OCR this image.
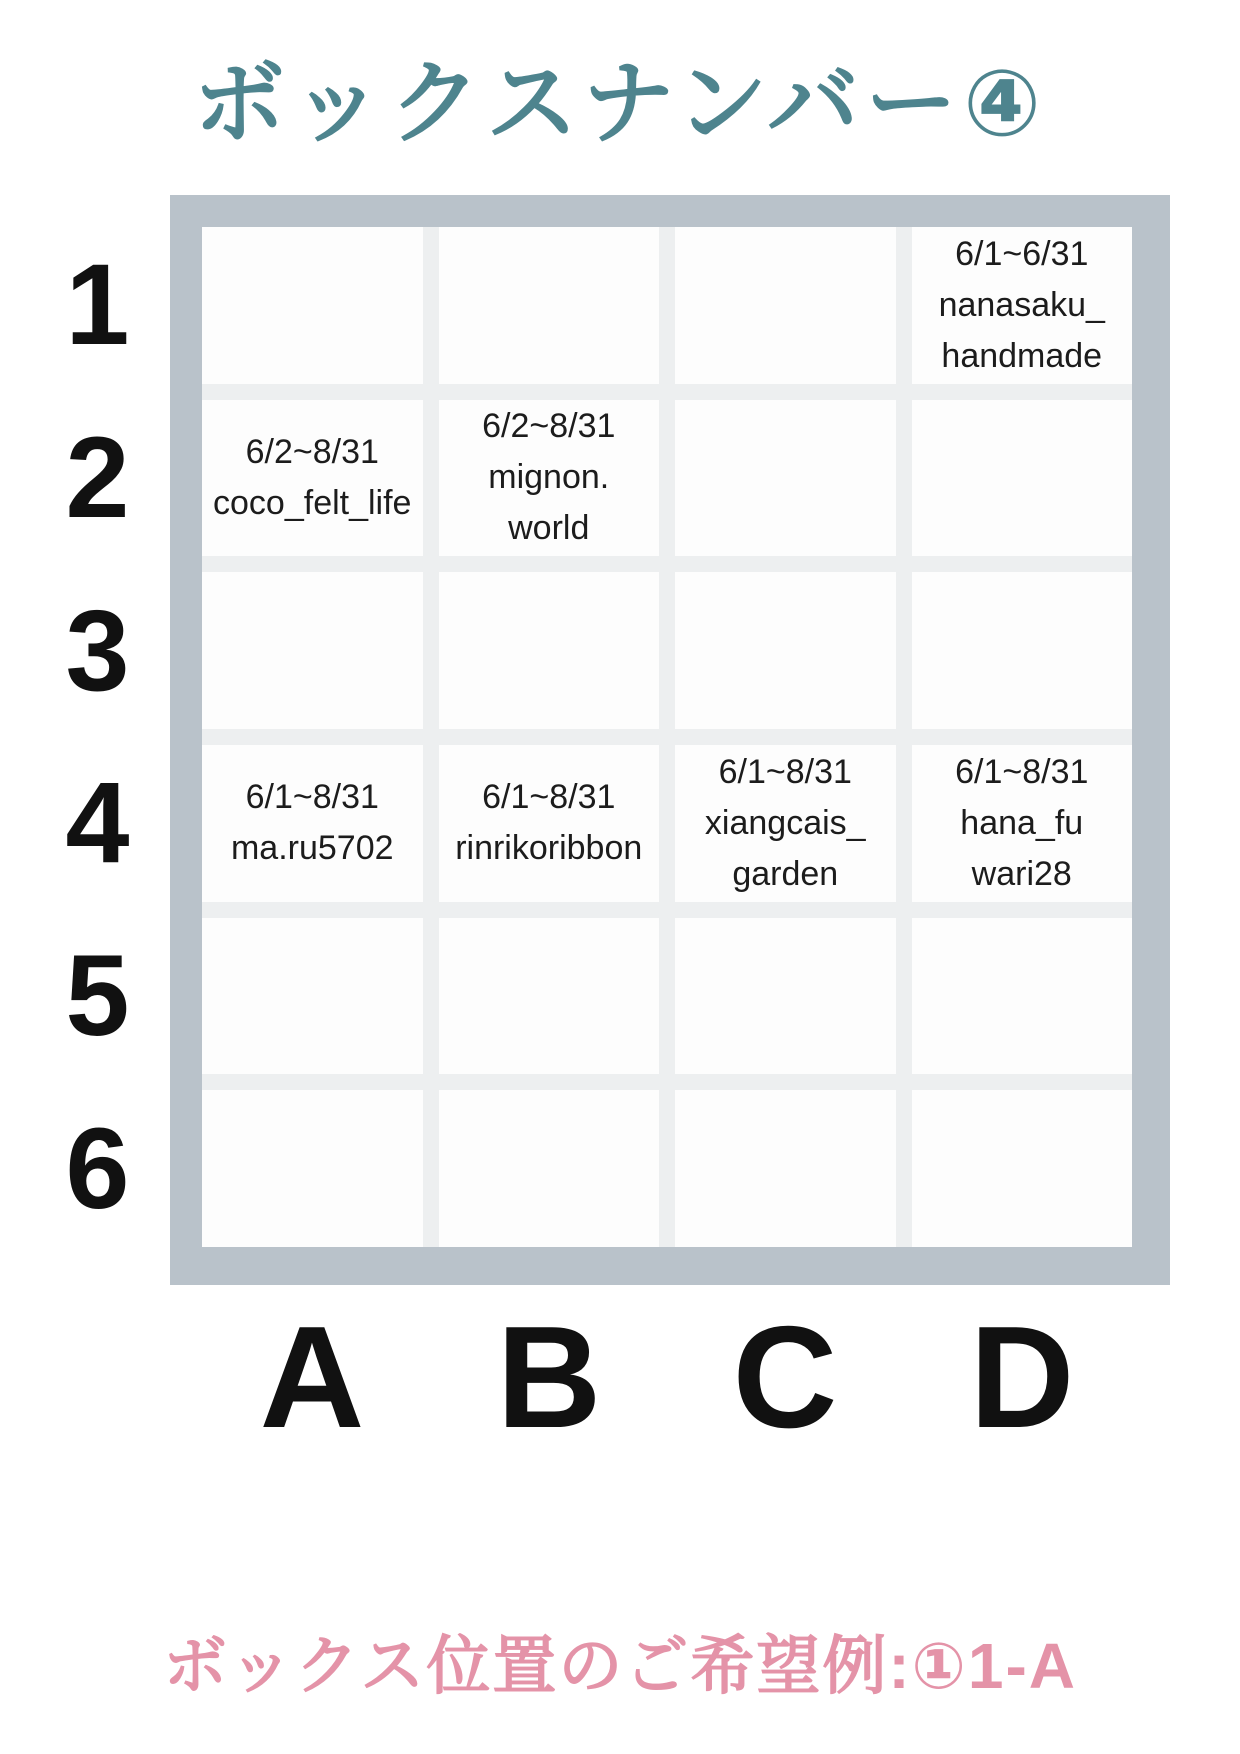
ボックスナンバー④
1
2
3
4
5
6
6/1~6/31
nanasaku_
handmade
6/2~8/31
coco_felt_life
6/2~8/31
mignon.
world
6/1~8/31
ma.ru5702
6/1~8/31
rinrikoribbon
6/1~8/31
xiangcais_
garden
6/1~8/31
hana_fu
wari28
A B C D
ボックス位置のご希望例:①1-A
